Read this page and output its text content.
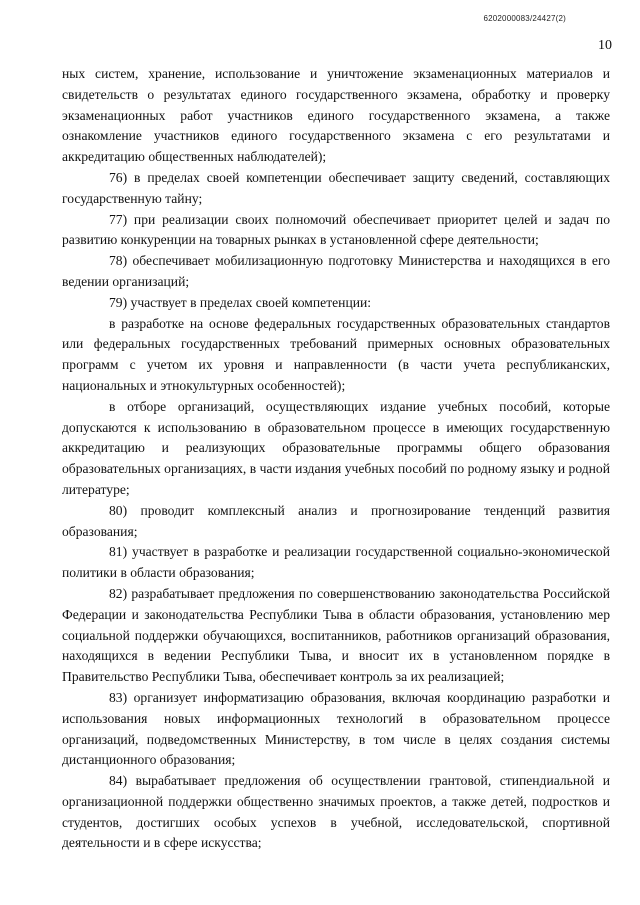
6202000083/24427(2)
10

ных систем, хранение, использование и уничтожение экзаменационных материалов и свидетельств о результатах единого государственного экзамена, обработку и проверку экзаменационных работ участников единого государственного экзамена, а также ознакомление участников единого государственного экзамена с его результатами и аккредитацию общественных наблюдателей);

76) в пределах своей компетенции обеспечивает защиту сведений, составляющих государственную тайну;

77) при реализации своих полномочий обеспечивает приоритет целей и задач по развитию конкуренции на товарных рынках в установленной сфере деятельности;

78) обеспечивает мобилизационную подготовку Министерства и находящихся в его ведении организаций;

79) участвует в пределах своей компетенции:

в разработке на основе федеральных государственных образовательных стандартов или федеральных государственных требований примерных основных образовательных программ с учетом их уровня и направленности (в части учета республиканских, национальных и этнокультурных особенностей);

в отборе организаций, осуществляющих издание учебных пособий, которые допускаются к использованию в образовательном процессе в имеющих государственную аккредитацию и реализующих образовательные программы общего образования образовательных организациях, в части издания учебных пособий по родному языку и родной литературе;

80) проводит комплексный анализ и прогнозирование тенденций развития образования;

81) участвует в разработке и реализации государственной социально-экономической политики в области образования;

82) разрабатывает предложения по совершенствованию законодательства Российской Федерации и законодательства Республики Тыва в области образования, установлению мер социальной поддержки обучающихся, воспитанников, работников организаций образования, находящихся в ведении Республики Тыва, и вносит их в установленном порядке в Правительство Республики Тыва, обеспечивает контроль за их реализацией;

83) организует информатизацию образования, включая координацию разработки и использования новых информационных технологий в образовательном процессе организаций, подведомственных Министерству, в том числе в целях создания системы дистанционного образования;

84) вырабатывает предложения об осуществлении грантовой, стипендиальной и организационной поддержки общественно значимых проектов, а также детей, подростков и студентов, достигших особых успехов в учебной, исследовательской, спортивной деятельности и в сфере искусства;
